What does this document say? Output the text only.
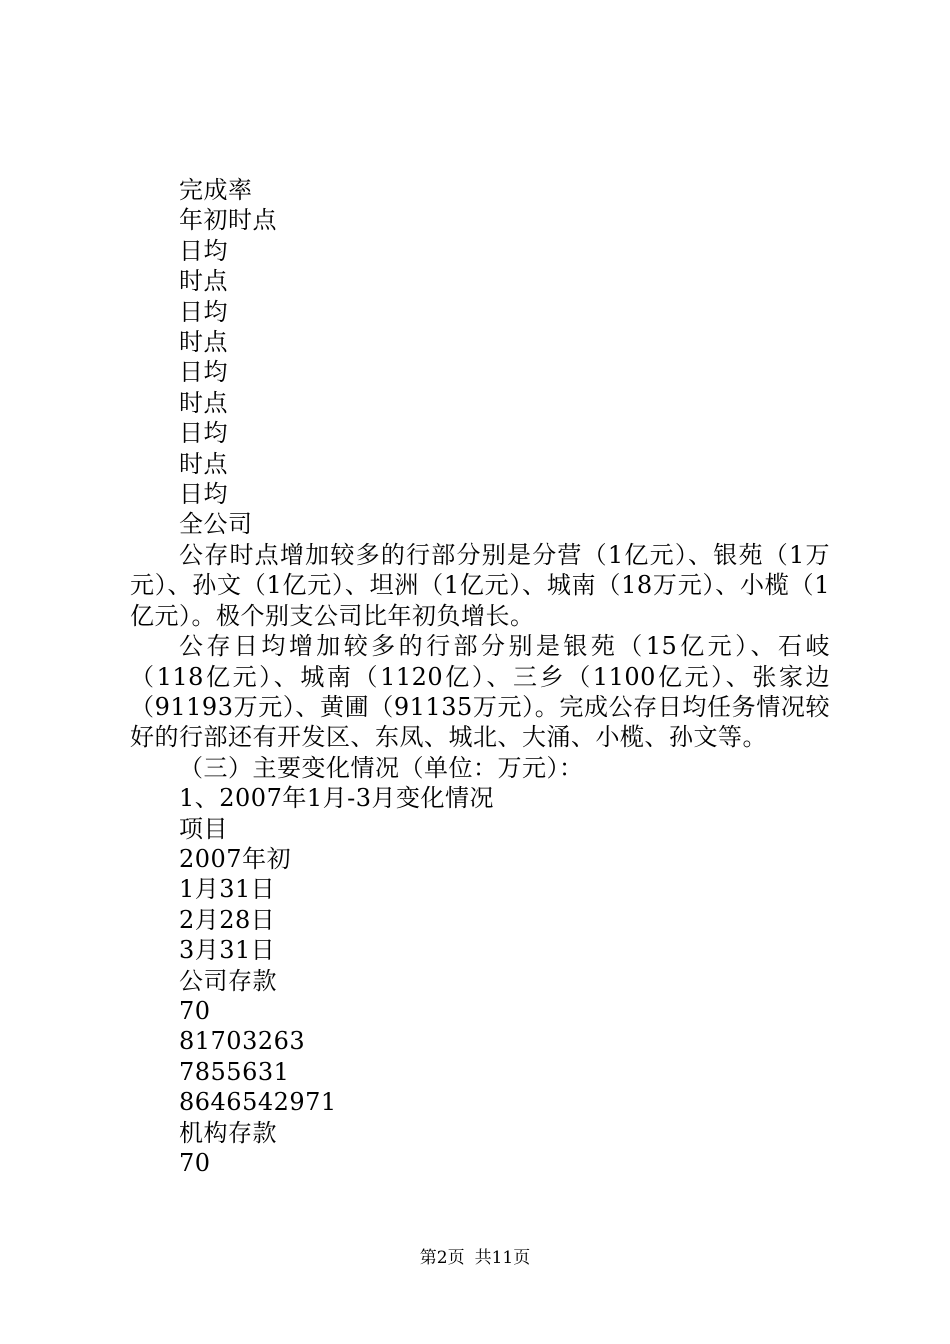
完成率
年初时点
日均
时点
日均
时点
日均
时点
日均
时点
日均
全公司
公存时点增加较多的行部分别是分营（1亿元）、银苑（1万元）、孙文（1亿元）、坦洲（1亿元）、城南（18万元）、小榄（1亿元）。极个别支公司比年初负增长。
公存日均增加较多的行部分别是银苑（15亿元）、石岐（118亿元）、城南（1120亿）、三乡（1100亿元）、张家边（91193万元）、黄圃（91135万元）。完成公存日均任务情况较好的行部还有开发区、东凤、城北、大涌、小榄、孙文等。
（三）主要变化情况（单位：万元）：
1、2007年1月-3月变化情况
项目
2007年初
1月31日
2月28日
3月31日
公司存款
70
81703263
7855631
8646542971
机构存款
70
第2页 共11页
